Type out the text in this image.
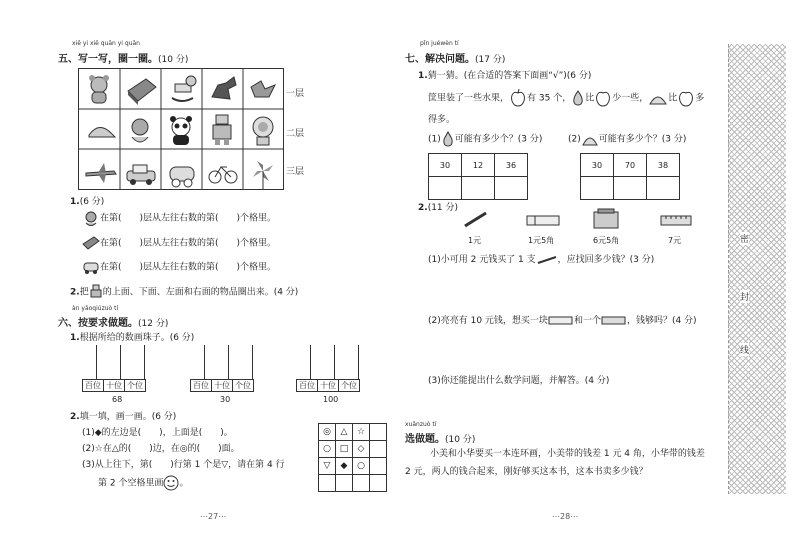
xiě yi xiě quān yi quān
五、写一写，圈一圈。(10 分)
一层
二层
三层
1.(6 分)
在第(　　)层从左往右数的第(　　)个格里。
在第(　　)层从左往右数的第(　　)个格里。
在第(　　)层从左往右数的第(　　)个格里。
2.把 的上面、下面、左面和右面的物品圈出来。(4 分)
àn yāoqiúzuò tí
六、按要求做题。(12 分)
1.根据所给的数画珠子。(6 分)
百位 十位 个位
68
百位 十位 个位
30
百位 十位 个位
100
2.填一填，画一画。(6 分)
(1)◆的左边是(　　)，上面是(　　)。
(2)☆在△的(　　)边，在◎的(　　)面。
(3)从上往下，第(　　)行第 1 个是▽，请在第 4 行
第 2 个空格里画 。
◎	△	☆	
○	□	◇	
▽	◆	○	

⋯27⋯
pǐn juéwèn tí
七、解决问题。(17 分)
1.猜一猜。(在合适的答案下面画“√”)(6 分)
筐里装了一些水果， 有 35 个， 比 少一些， 比 多
得多。
(1) 可能有多少个？(3 分)	(2) 可能有多少个？(3 分)
30	12	36
			30	70	38

2.(11 分)
1元	1元5角	6元5角	7元
(1)小可用 2 元钱买了 1 支 ，应找回多少钱？(3 分)
(2)亮亮有 10 元钱，想买一块	和一个	，钱够吗？(4 分)
(3)你还能提出什么数学问题，并解答。(4 分)
xuǎnzuò tí
选做题。(10 分)
小美和小华要买一本连环画，小美带的钱差 1 元 4 角，小华带的钱差
2 元，两人的钱合起来，刚好够买这本书，这本书卖多少钱？
⋯28⋯
密
封
线
